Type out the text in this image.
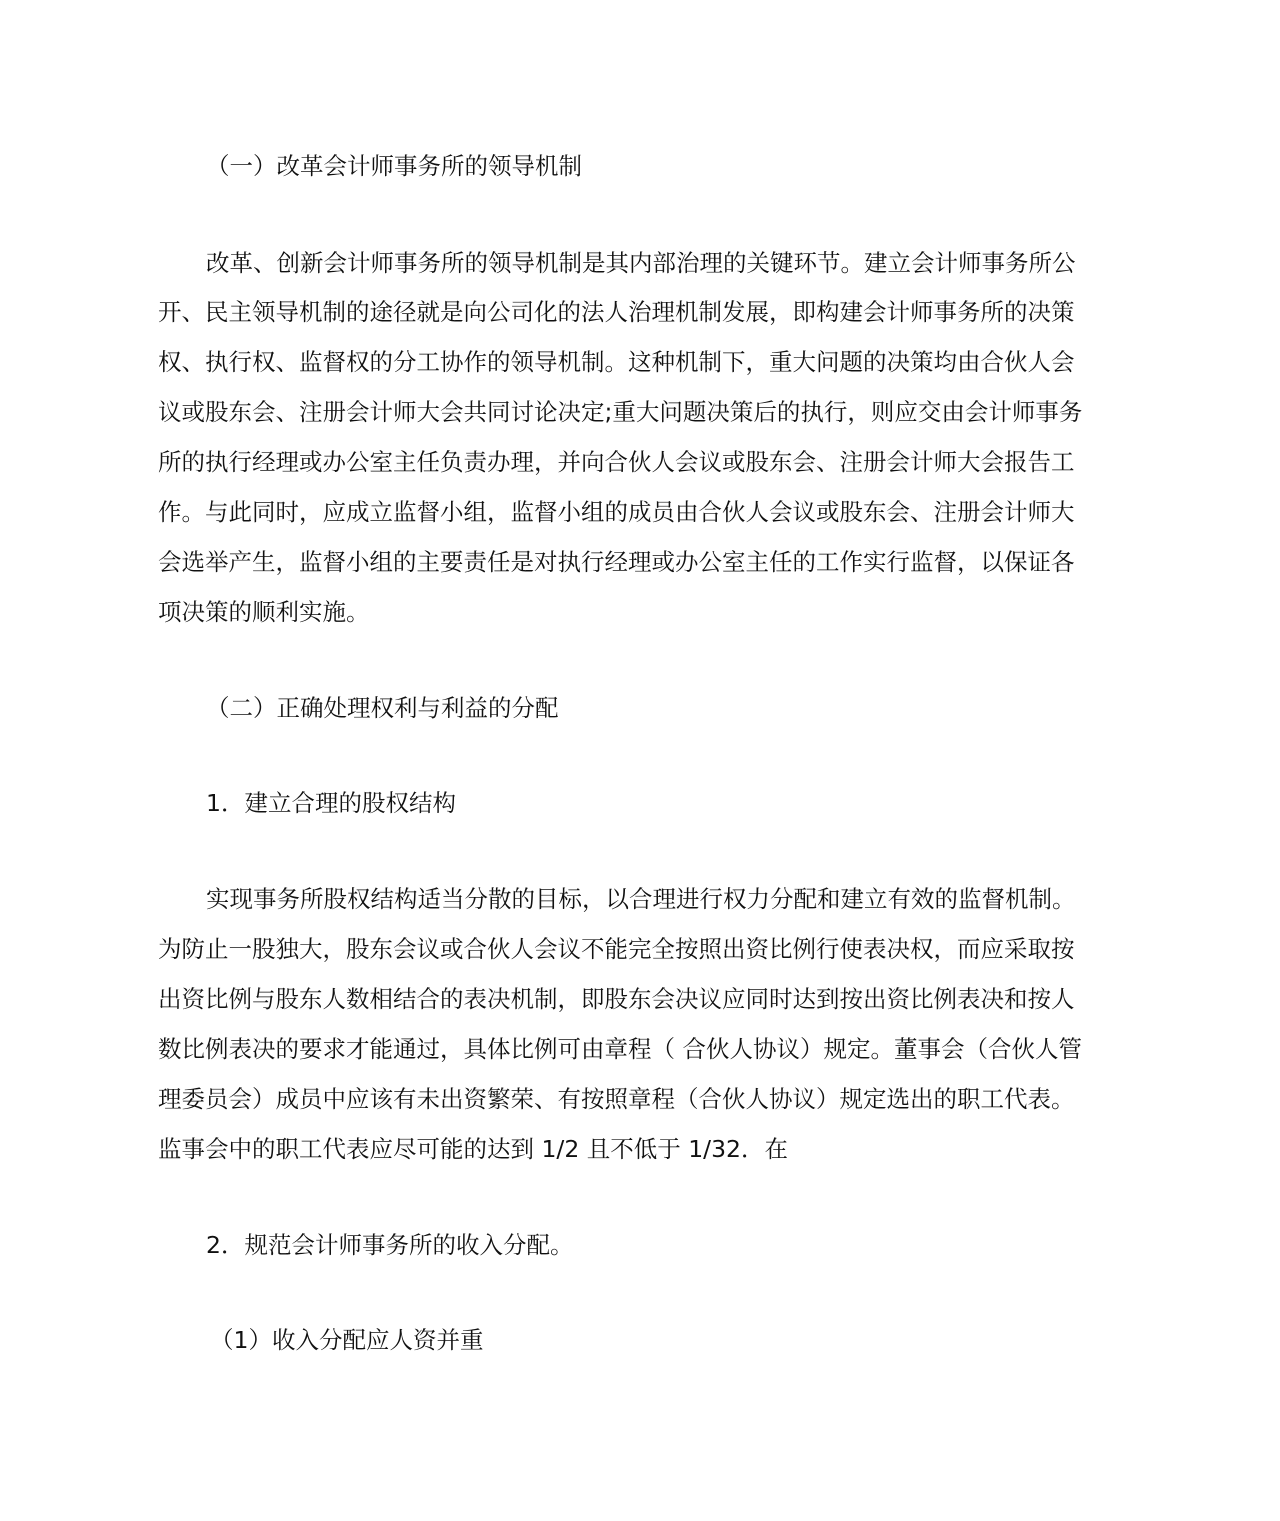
（一）改革会计师事务所的领导机制
改革、创新会计师事务所的领导机制是其内部治理的关键环节。建立会计师事务所公
开、民主领导机制的途径就是向公司化的法人治理机制发展，即构建会计师事务所的决策
权、执行权、监督权的分工协作的领导机制。这种机制下，重大问题的决策均由合伙人会
议或股东会、注册会计师大会共同讨论决定;重大问题决策后的执行，则应交由会计师事务
所的执行经理或办公室主任负责办理，并向合伙人会议或股东会、注册会计师大会报告工
作。与此同时，应成立监督小组，监督小组的成员由合伙人会议或股东会、注册会计师大
会选举产生，监督小组的主要责任是对执行经理或办公室主任的工作实行监督，以保证各
项决策的顺利实施。
（二）正确处理权利与利益的分配
1．建立合理的股权结构
实现事务所股权结构适当分散的目标，以合理进行权力分配和建立有效的监督机制。
为防止一股独大，股东会议或合伙人会议不能完全按照出资比例行使表决权，而应采取按
出资比例与股东人数相结合的表决机制，即股东会决议应同时达到按出资比例表决和按人
数比例表决的要求才能通过，具体比例可由章程（ 合伙人协议）规定。董事会（合伙人管
理委员会）成员中应该有未出资繁荣、有按照章程（合伙人协议）规定选出的职工代表。
监事会中的职工代表应尽可能的达到 1/2 且不低于 1/32．在
2．规范会计师事务所的收入分配。
（1）收入分配应人资并重
